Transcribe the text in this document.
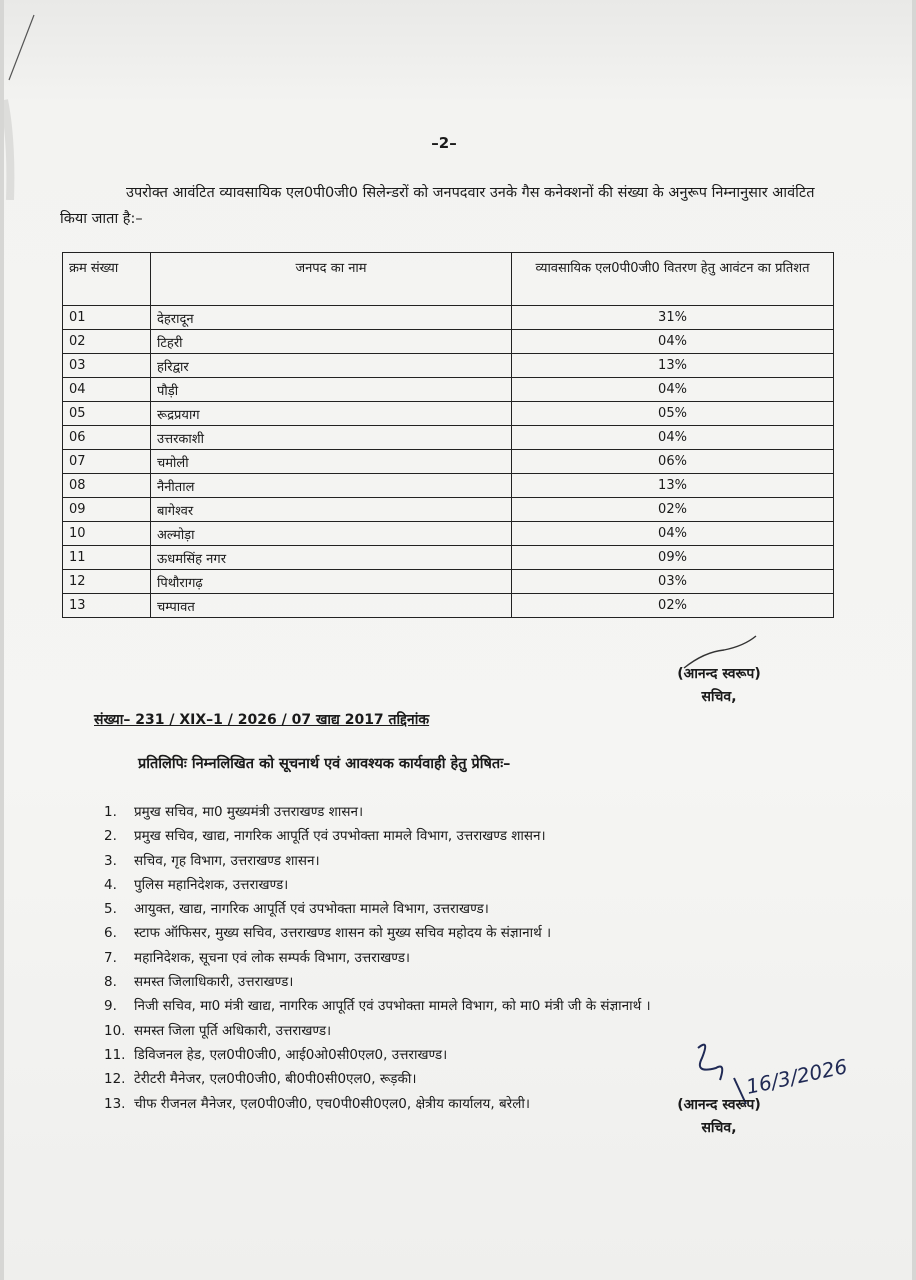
–2–
उपरोक्त आवंटित व्यावसायिक एल0पी0जी0 सिलेन्डरों को जनपदवार उनके गैस कनेक्शनों की संख्या के अनुरूप निम्नानुसार आवंटित किया जाता है:–
क्रम संख्या	जनपद का नाम	व्यावसायिक एल0पी0जी0 वितरण हेतु आवंटन का प्रतिशत
01	देहरादून	31%
02	टिहरी	04%
03	हरिद्वार	13%
04	पौड़ी	04%
05	रूद्रप्रयाग	05%
06	उत्तरकाशी	04%
07	चमोली	06%
08	नैनीताल	13%
09	बागेश्वर	02%
10	अल्मोड़ा	04%
11	ऊधमसिंह नगर	09%
12	पिथौरागढ़	03%
13	चम्पावत	02%
(आनन्द स्वरूप)
सचिव,
संख्या– 231 / XIX–1 / 2026 / 07 खाद्य 2017 तद्दिनांक
प्रतिलिपिः निम्नलिखित को सूचनार्थ एवं आवश्यक कार्यवाही हेतु प्रेषितः–
1. प्रमुख सचिव, मा0 मुख्यमंत्री उत्तराखण्ड शासन।
2. प्रमुख सचिव, खाद्य, नागरिक आपूर्ति एवं उपभोक्ता मामले विभाग, उत्तराखण्ड शासन।
3. सचिव, गृह विभाग, उत्तराखण्ड शासन।
4. पुलिस महानिदेशक, उत्तराखण्ड।
5. आयुक्त, खाद्य, नागरिक आपूर्ति एवं उपभोक्ता मामले विभाग, उत्तराखण्ड।
6. स्टाफ ऑफिसर, मुख्य सचिव, उत्तराखण्ड शासन को मुख्य सचिव महोदय के संज्ञानार्थ ।
7. महानिदेशक, सूचना एवं लोक सम्पर्क विभाग, उत्तराखण्ड।
8. समस्त जिलाधिकारी, उत्तराखण्ड।
9. निजी सचिव, मा0 मंत्री खाद्य, नागरिक आपूर्ति एवं उपभोक्ता मामले विभाग, को मा0 मंत्री जी के संज्ञानार्थ ।
10. समस्त जिला पूर्ति अधिकारी, उत्तराखण्ड।
11. डिविजनल हेड, एल0पी0जी0, आई0ओ0सी0एल0, उत्तराखण्ड।
12. टेरीटरी मैनेजर, एल0पी0जी0, बी0पी0सी0एल0, रूड़की।
13. चीफ रीजनल मैनेजर, एल0पी0जी0, एच0पी0सी0एल0, क्षेत्रीय कार्यालय, बरेली।
16/3/2026
(आनन्द स्वरूप)
सचिव,
